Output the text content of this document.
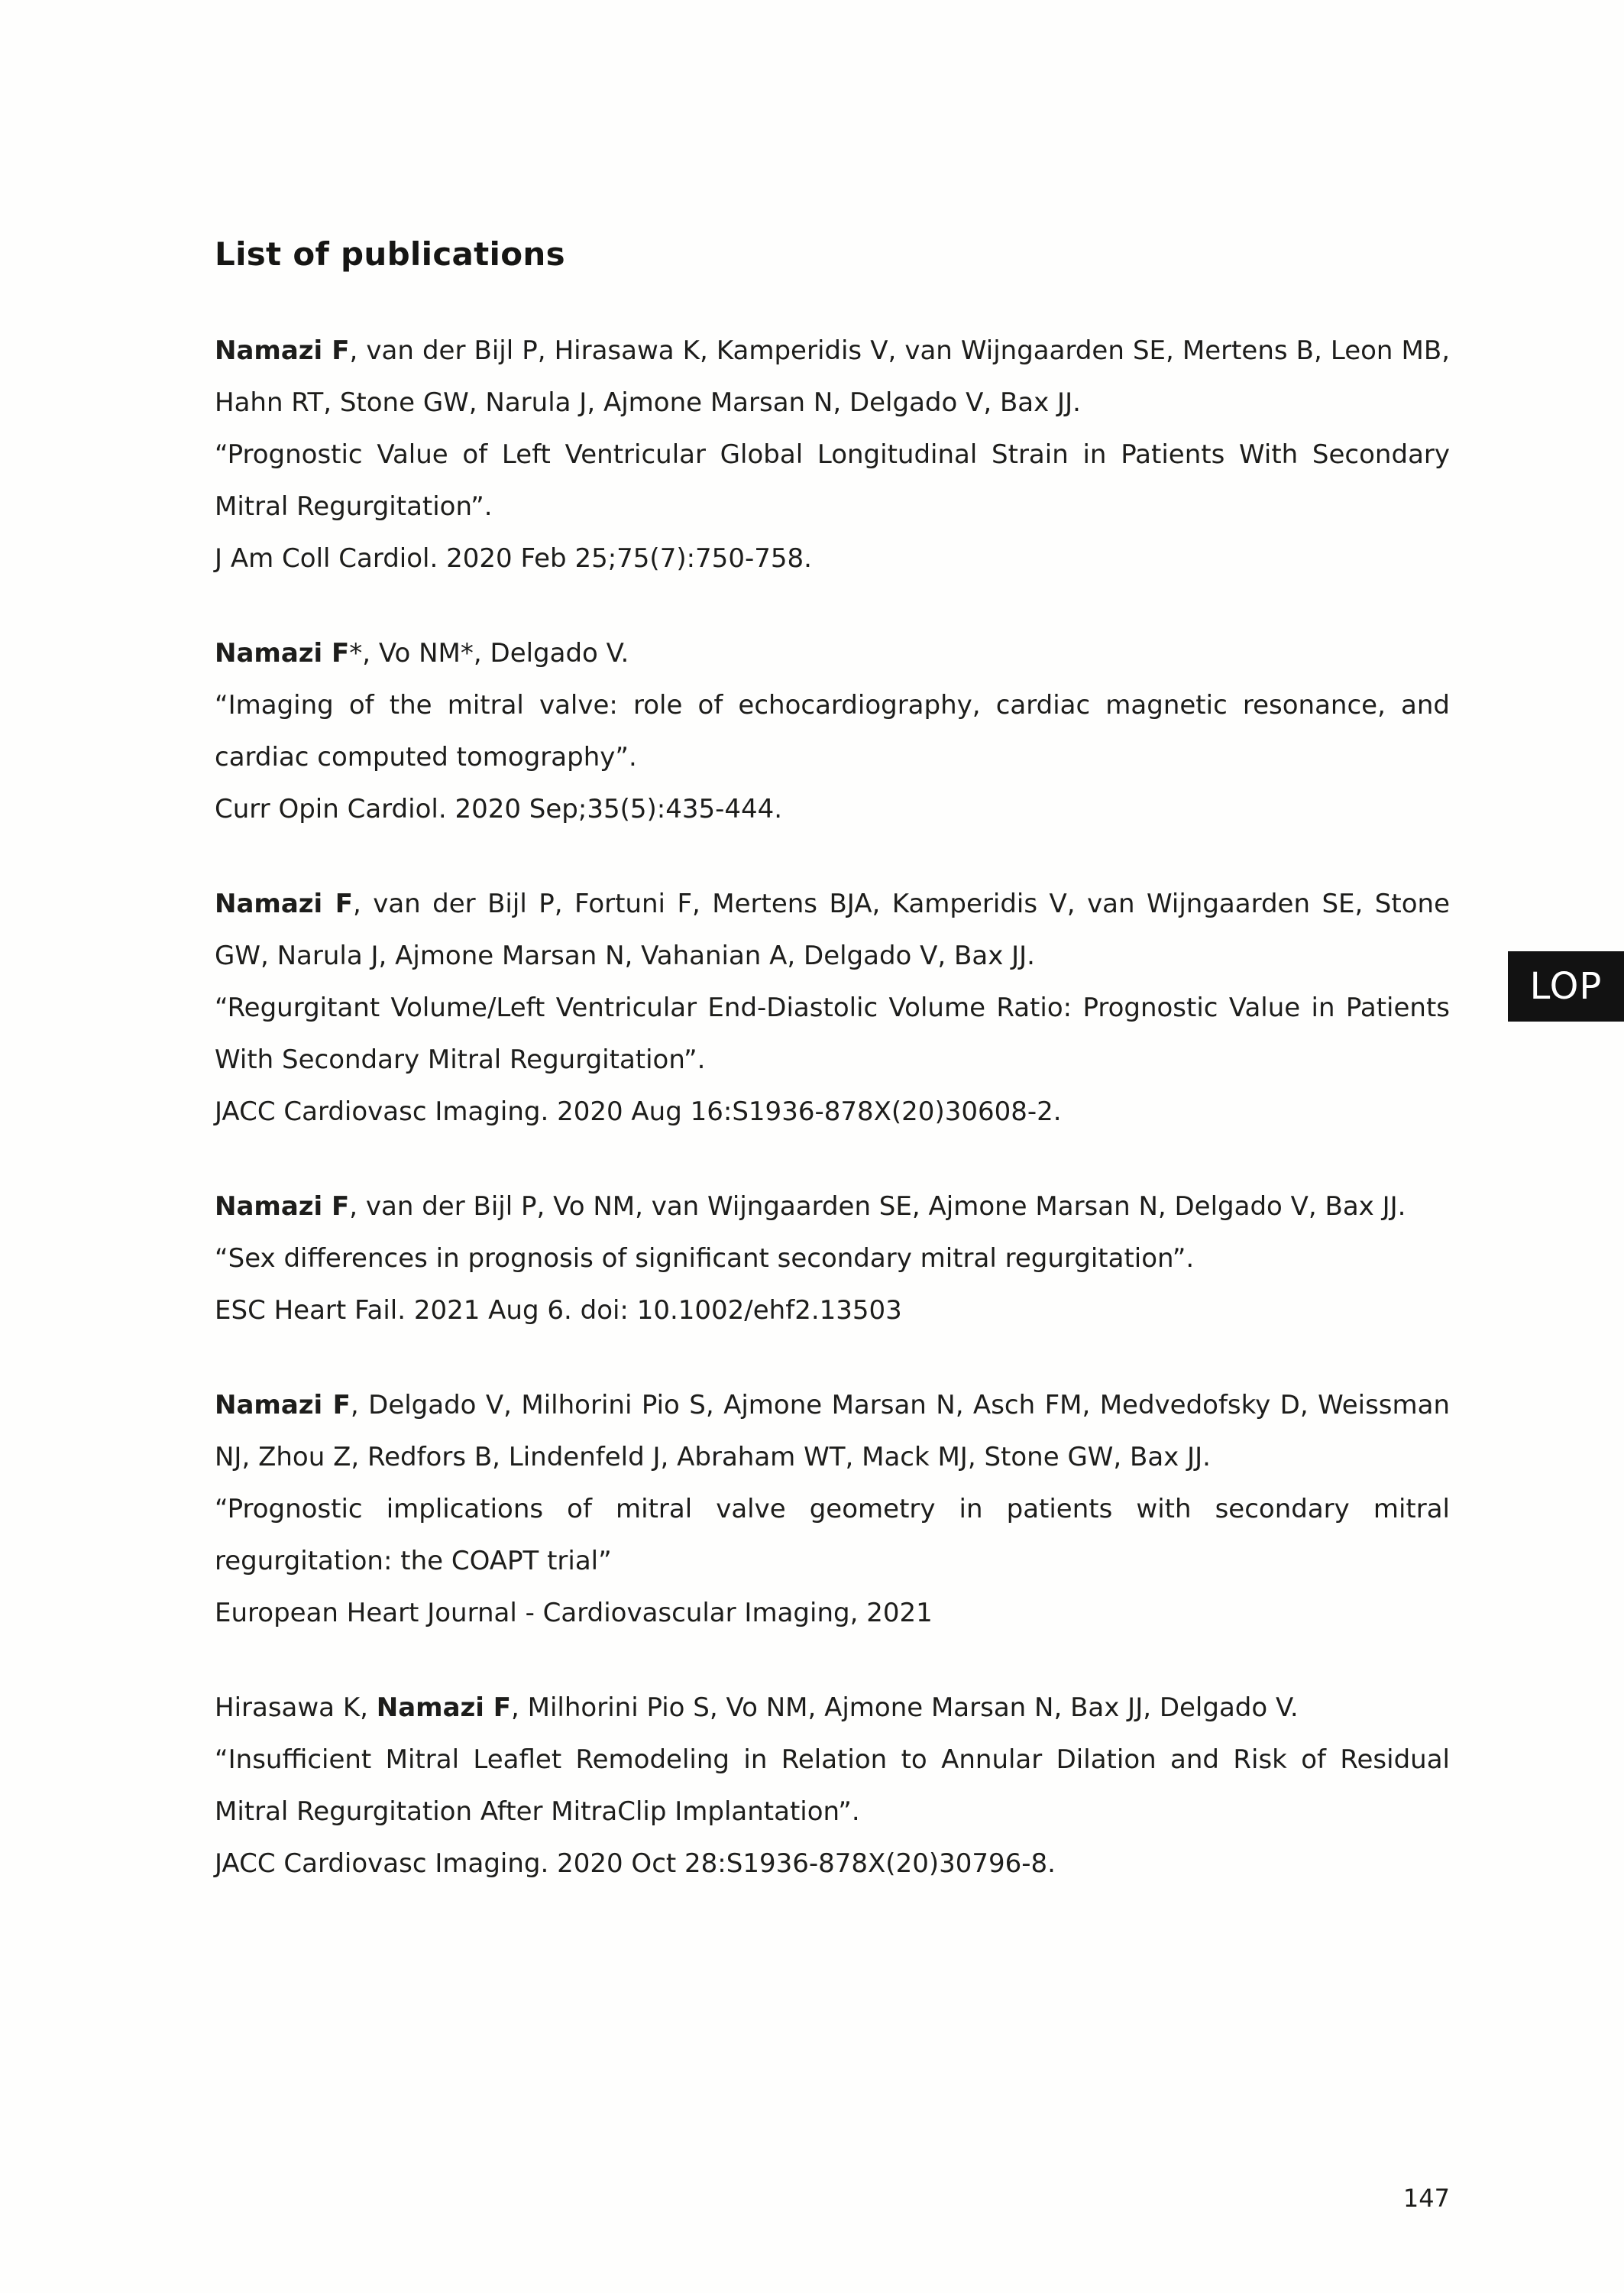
List of publications

Namazi F, van der Bijl P, Hirasawa K, Kamperidis V, van Wijngaarden SE, Mertens B, Leon MB, Hahn RT, Stone GW, Narula J, Ajmone Marsan N, Delgado V, Bax JJ.

“Prognostic Value of Left Ventricular Global Longitudinal Strain in Patients With Secondary Mitral Regurgitation”.

J Am Coll Cardiol. 2020 Feb 25;75(7):750-758.

Namazi F*, Vo NM*, Delgado V.

“Imaging of the mitral valve: role of echocardiography, cardiac magnetic resonance, and cardiac computed tomography”.

Curr Opin Cardiol. 2020 Sep;35(5):435-444.

Namazi F, van der Bijl P, Fortuni F, Mertens BJA, Kamperidis V, van Wijngaarden SE, Stone GW, Narula J, Ajmone Marsan N, Vahanian A, Delgado V, Bax JJ.

“Regurgitant Volume/Left Ventricular End-Diastolic Volume Ratio: Prognostic Value in Patients With Secondary Mitral Regurgitation”.

JACC Cardiovasc Imaging. 2020 Aug 16:S1936-878X(20)30608-2.

Namazi F, van der Bijl P, Vo NM, van Wijngaarden SE, Ajmone Marsan N, Delgado V, Bax JJ.

“Sex differences in prognosis of significant secondary mitral regurgitation”.

ESC Heart Fail. 2021 Aug 6. doi: 10.1002/ehf2.13503

Namazi F, Delgado V, Milhorini Pio S, Ajmone Marsan N, Asch FM, Medvedofsky D, Weissman NJ, Zhou Z, Redfors B, Lindenfeld J, Abraham WT, Mack MJ, Stone GW, Bax JJ.

“Prognostic implications of mitral valve geometry in patients with secondary mitral regurgitation: the COAPT trial”

European Heart Journal - Cardiovascular Imaging, 2021

Hirasawa K, Namazi F, Milhorini Pio S, Vo NM, Ajmone Marsan N, Bax JJ, Delgado V.

“Insufficient Mitral Leaflet Remodeling in Relation to Annular Dilation and Risk of Residual Mitral Regurgitation After MitraClip Implantation”.

JACC Cardiovasc Imaging. 2020 Oct 28:S1936-878X(20)30796-8.

LOP
147
